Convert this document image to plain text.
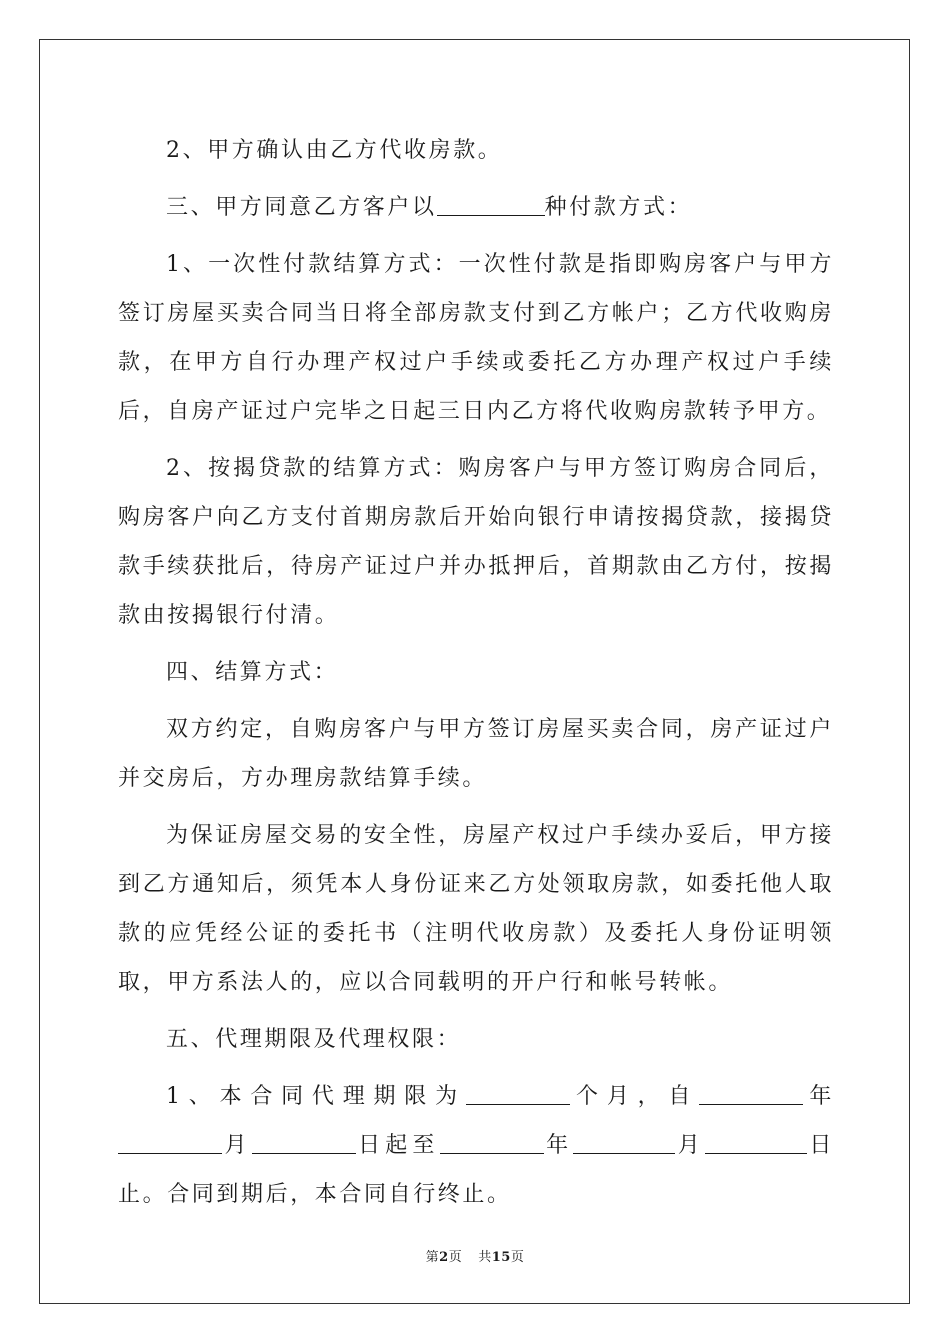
2、甲方确认由乙方代收房款。

三、甲方同意乙方客户以	种付款方式：

1、一次性付款结算方式：一次性付款是指即购房客户与甲方签订房屋买卖合同当日将全部房款支付到乙方帐户；乙方代收购房款，在甲方自行办理产权过户手续或委托乙方办理产权过户手续后，自房产证过户完毕之日起三日内乙方将代收购房款转予甲方。

2、按揭贷款的结算方式：购房客户与甲方签订购房合同后，购房客户向乙方支付首期房款后开始向银行申请按揭贷款，接揭贷款手续获批后，待房产证过户并办抵押后，首期款由乙方付，按揭款由按揭银行付清。

四、结算方式：

双方约定，自购房客户与甲方签订房屋买卖合同，房产证过户并交房后，方办理房款结算手续。

为保证房屋交易的安全性，房屋产权过户手续办妥后，甲方接到乙方通知后，须凭本人身份证来乙方处领取房款，如委托他人取款的应凭经公证的委托书（注明代收房款）及委托人身份证明领取，甲方系法人的，应以合同载明的开户行和帐号转帐。

五、代理期限及代理权限：

1、本合同代理期限为	个月，自	年月	日起至	年	月	日止。合同到期后，本合同自行终止。

第2页 共15页
